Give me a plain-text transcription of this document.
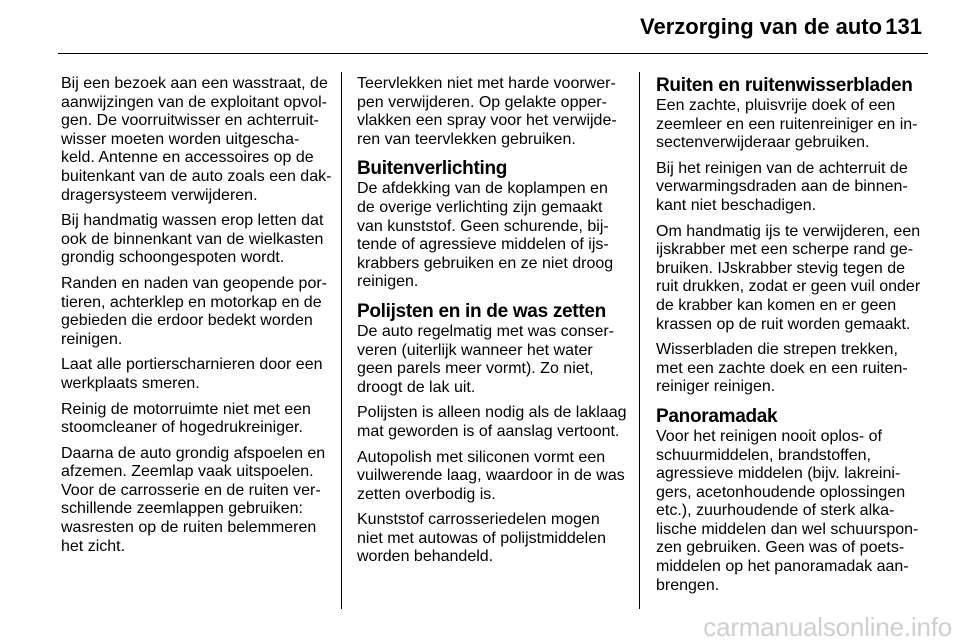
Verzorging van de auto 131

Bij een bezoek aan een wasstraat, de
aanwijzingen van de exploitant opvol-
gen. De voorruitwisser en achterruit-
wisser moeten worden uitgescha-
keld. Antenne en accessoires op de
buitenkant van de auto zoals een dak-
dragersysteem verwijderen.

Bij handmatig wassen erop letten dat
ook de binnenkant van de wielkasten
grondig schoongespoten wordt.

Randen en naden van geopende por-
tieren, achterklep en motorkap en de
gebieden die erdoor bedekt worden
reinigen.

Laat alle portierscharnieren door een
werkplaats smeren.

Reinig de motorruimte niet met een
stoomcleaner of hogedrukreiniger.

Daarna de auto grondig afspoelen en
afzemen. Zeemlap vaak uitspoelen.
Voor de carrosserie en de ruiten ver-
schillende zeemlappen gebruiken:
wasresten op de ruiten belemmeren
het zicht.

Teervlekken niet met harde voorwer-
pen verwijderen. Op gelakte opper-
vlakken een spray voor het verwijde-
ren van teervlekken gebruiken.

Buitenverlichting

De afdekking van de koplampen en
de overige verlichting zijn gemaakt
van kunststof. Geen schurende, bij-
tende of agressieve middelen of ijs-
krabbers gebruiken en ze niet droog
reinigen.

Polijsten en in de was zetten

De auto regelmatig met was conser-
veren (uiterlijk wanneer het water
geen parels meer vormt). Zo niet,
droogt de lak uit.

Polijsten is alleen nodig als de laklaag
mat geworden is of aanslag vertoont.

Autopolish met siliconen vormt een
vuilwerende laag, waardoor in de was
zetten overbodig is.

Kunststof carrosseriedelen mogen
niet met autowas of polijstmiddelen
worden behandeld.

Ruiten en ruitenwisserbladen

Een zachte, pluisvrije doek of een
zeemleer en een ruitenreiniger en in-
sectenverwijderaar gebruiken.

Bij het reinigen van de achterruit de
verwarmingsdraden aan de binnen-
kant niet beschadigen.

Om handmatig ijs te verwijderen, een
ijskrabber met een scherpe rand ge-
bruiken. IJskrabber stevig tegen de
ruit drukken, zodat er geen vuil onder
de krabber kan komen en er geen
krassen op de ruit worden gemaakt.

Wisserbladen die strepen trekken,
met een zachte doek en een ruiten-
reiniger reinigen.

Panoramadak

Voor het reinigen nooit oplos- of
schuurmiddelen, brandstoffen,
agressieve middelen (bijv. lakreini-
gers, acetonhoudende oplossingen
etc.), zuurhoudende of sterk alka-
lische middelen dan wel schuurspon-
zen gebruiken. Geen was of poets-
middelen op het panoramadak aan-
brengen.

carmanualsonline.info
